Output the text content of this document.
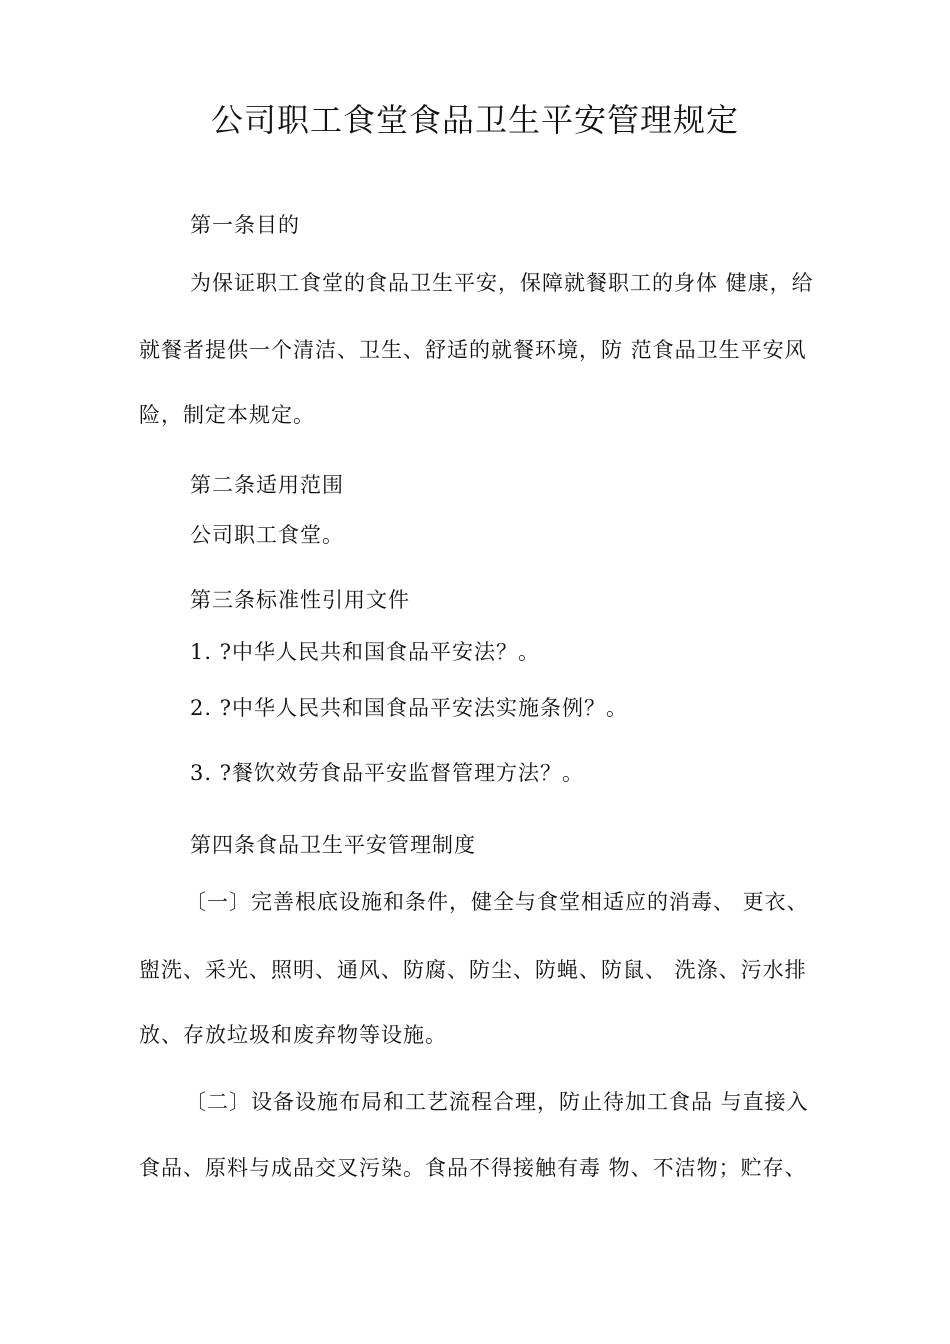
公司职工食堂食品卫生平安管理规定
第一条目的
为保证职工食堂的食品卫生平安，保障就餐职工的身体 健康，给
就餐者提供一个清洁、卫生、舒适的就餐环境，防 范食品卫生平安风
险，制定本规定。
第二条适用范围
公司职工食堂。
第三条标准性引用文件
1. ?中华人民共和国食品平安法？。
2. ?中华人民共和国食品平安法实施条例？。
3. ?餐饮效劳食品平安监督管理方法？。
第四条食品卫生平安管理制度
〔一〕完善根底设施和条件，健全与食堂相适应的消毒、 更衣、
盥洗、采光、照明、通风、防腐、防尘、防蝇、防鼠、 洗涤、污水排
放、存放垃圾和废弃物等设施。
〔二〕设备设施布局和工艺流程合理，防止待加工食品 与直接入
食品、原料与成品交叉污染。食品不得接触有毒 物、不洁物；贮存、
